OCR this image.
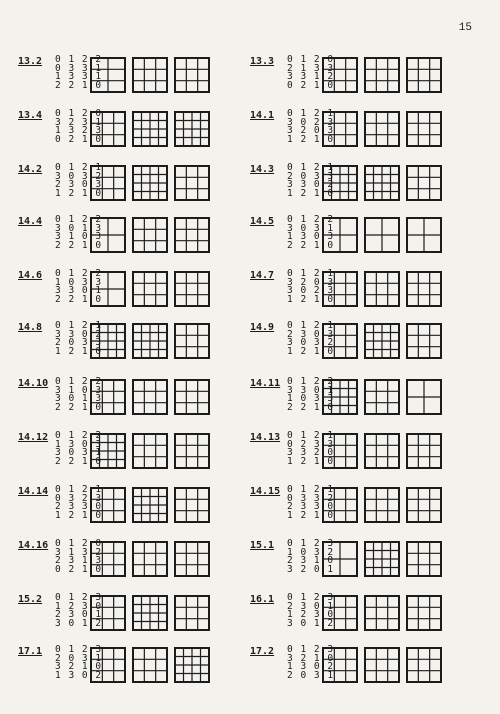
15
13.2 0 1 2 2
0 3 3 1
1 3 3 1
2 2 1 0
13.3 0 1 2 0
2 1 3 3
3 3 1 2
0 2 1 0
13.4 0 1 2 0
3 2 3 1
1 3 2 3
0 2 1 0
14.1 0 1 2 1
3 0 2 3
3 2 0 3
1 2 1 0
14.2 0 1 2 1
3 0 3 2
2 3 0 3
1 2 1 0
14.3 0 1 2 1
2 0 3 3
3 3 0 2
1 2 1 0
14.4 0 1 2 2
3 0 1 3
3 1 0 3
2 2 1 0
14.5 0 1 2 2
3 0 3 1
1 3 0 3
2 2 1 0
14.6 0 1 2 2
1 0 3 3
3 3 0 1
2 2 1 0
14.7 0 1 2 1
3 2 0 3
3 0 2 3
1 2 1 0
14.8 0 1 2 1
3 3 0 2
2 0 3 3
1 2 1 0
14.9 0 1 2 1
2 3 0 3
3 0 3 2
1 2 1 0
14.10 0 1 2 2
3 1 0 3
3 0 1 3
2 2 1 0
14.11 0 1 2 2
3 3 0 1
1 0 3 3
2 2 1 0
14.12 0 1 2 2
1 3 0 3
3 0 3 1
2 2 1 0
14.13 0 1 2 1
0 2 3 3
3 3 2 0
1 2 1 0
14.14 0 1 2 1
0 3 2 3
2 3 3 0
1 2 1 0
14.15 0 1 2 1
0 3 3 2
2 3 3 0
1 2 1 0
14.16 0 1 2 0
3 1 3 2
2 3 1 3
0 2 1 0
15.1 0 1 2 3
1 0 3 2
2 3 1 0
3 2 0 1
15.2 0 1 2 3
1 2 3 0
2 3 0 1
3 0 1 2
16.1 0 1 2 3
2 3 0 1
1 2 3 0
3 0 1 2
17.1 0 1 2 3
2 0 3 1
3 2 1 0
1 3 0 2
17.2 0 1 2 3
3 2 1 0
1 3 0 2
2 0 3 1
